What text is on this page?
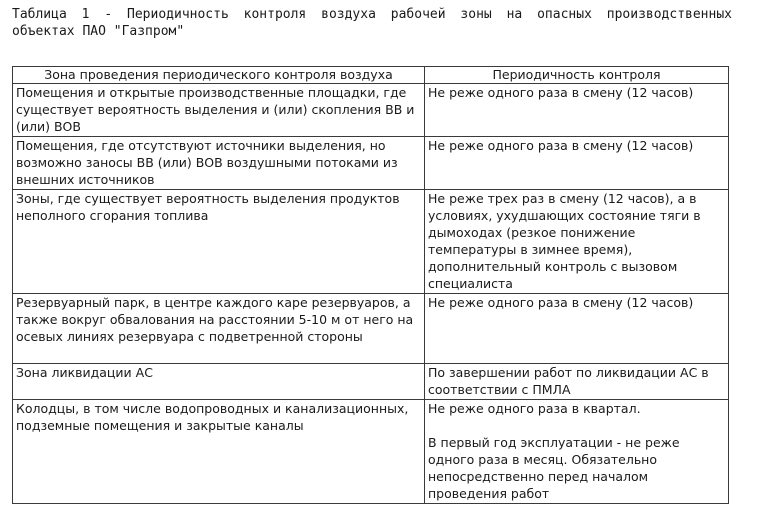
Таблица 1 - Периодичность контроля воздуха рабочей зоны на опасных производственных объектах ПАО "Газпром"
Зона проведения периодического контроля воздуха	Периодичность контроля
Помещения и открытые производственные площадки, где существует вероятность выделения и (или) скопления ВВ и (или) ВОВ	Не реже одного раза в смену (12 часов)

Помещения, где отсутствуют источники выделения, но возможно заносы ВВ (или) ВОВ воздушными потоками из внешних источников	Не реже одного раза в смену (12 часов)

Зоны, где существует вероятность выделения продуктов неполного сгорания топлива	Не реже трех раз в смену (12 часов), а в условиях, ухудшающих состояние тяги в дымоходах (резкое понижение температуры в зимнее время), дополнительный контроль с вызовом специалиста

Резервуарный парк, в центре каждого каре резервуаров, а также вокруг обвалования на расстоянии 5-10 м от него на осевых линиях резервуара с подветренной стороны	Не реже одного раза в смену (12 часов)

Зона ликвидации АС	По завершении работ по ликвидации АС в соответствии с ПМЛА

Колодцы, в том числе водопроводных и канализационных, подземные помещения и закрытые каналы	Не реже одного раза в квартал.
В первый год эксплуатации - не реже одного раза в месяц. Обязательно непосредственно перед началом проведения работ
